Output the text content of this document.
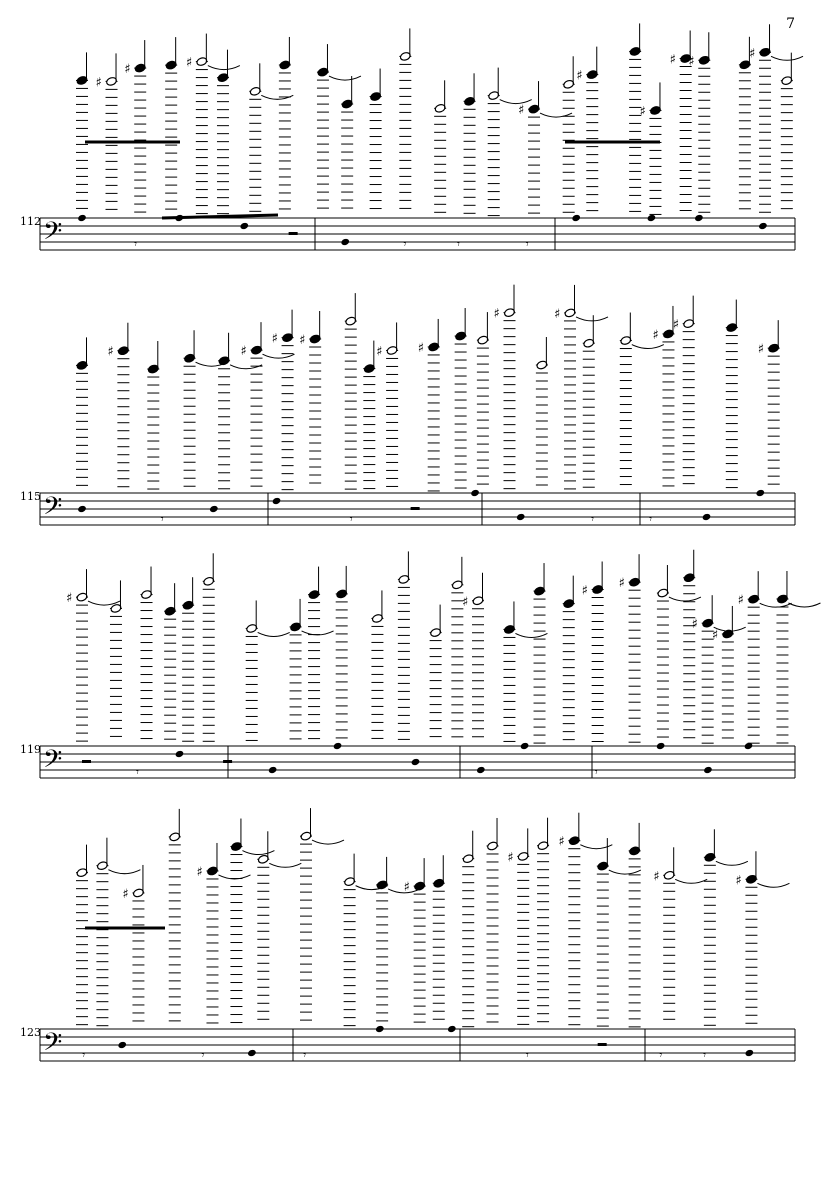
7
112
115
119
123
𝄢
♯
♯	♯
♯
♯
♯
♯ ♯
♯
𝄾	𝄾	𝄾	𝄾
𝄢
♯	♯
♯ ♯
♯	♯
♯	♯
♯
♯
♯
𝄾	𝄾	𝄾	𝄾
𝄢
♯	♯
♯ ♯
♯
♯
♯
𝄾	𝄾
𝄢
♯
♯
♯
♯
♯
♯	♯
𝄾	𝄾	𝄾	𝄾	𝄾	𝄾
